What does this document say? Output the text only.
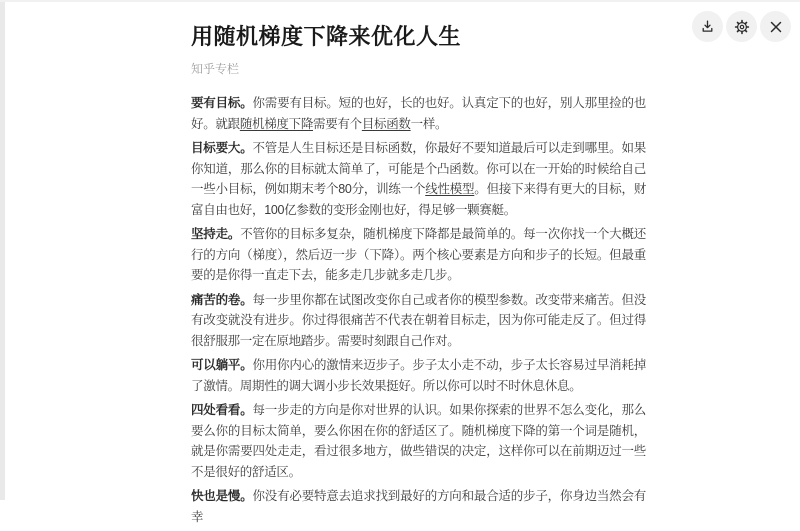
用随机梯度下降来优化人生
知乎专栏

要有目标。你需要有目标。短的也好，长的也好。认真定下的也好，别人那里捡的也好。就跟随机梯度下降需要有个目标函数一样。

目标要大。不管是人生目标还是目标函数，你最好不要知道最后可以走到哪里。如果你知道，那么你的目标就太简单了，可能是个凸函数。你可以在一开始的时候给自己一些小目标，例如期末考个80分，训练一个线性模型。但接下来得有更大的目标，财富自由也好，100亿参数的变形金刚也好，得足够一颗赛艇。

坚持走。不管你的目标多复杂，随机梯度下降都是最简单的。每一次你找一个大概还行的方向（梯度），然后迈一步（下降）。两个核心要素是方向和步子的长短。但最重要的是你得一直走下去，能多走几步就多走几步。

痛苦的卷。每一步里你都在试图改变你自己或者你的模型参数。改变带来痛苦。但没有改变就没有进步。你过得很痛苦不代表在朝着目标走，因为你可能走反了。但过得很舒服那一定在原地踏步。需要时刻跟自己作对。

可以躺平。你用你内心的激情来迈步子。步子太小走不动，步子太长容易过早消耗掉了激情。周期性的调大调小步长效果挺好。所以你可以时不时休息休息。

四处看看。每一步走的方向是你对世界的认识。如果你探索的世界不怎么变化，那么要么你的目标太简单，要么你困在你的舒适区了。随机梯度下降的第一个词是随机，就是你需要四处走走，看过很多地方，做些错误的决定，这样你可以在前期迈过一些不是很好的舒适区。

快也是慢。你没有必要特意去追求找到最好的方向和最合适的步子，你身边当然会有幸
